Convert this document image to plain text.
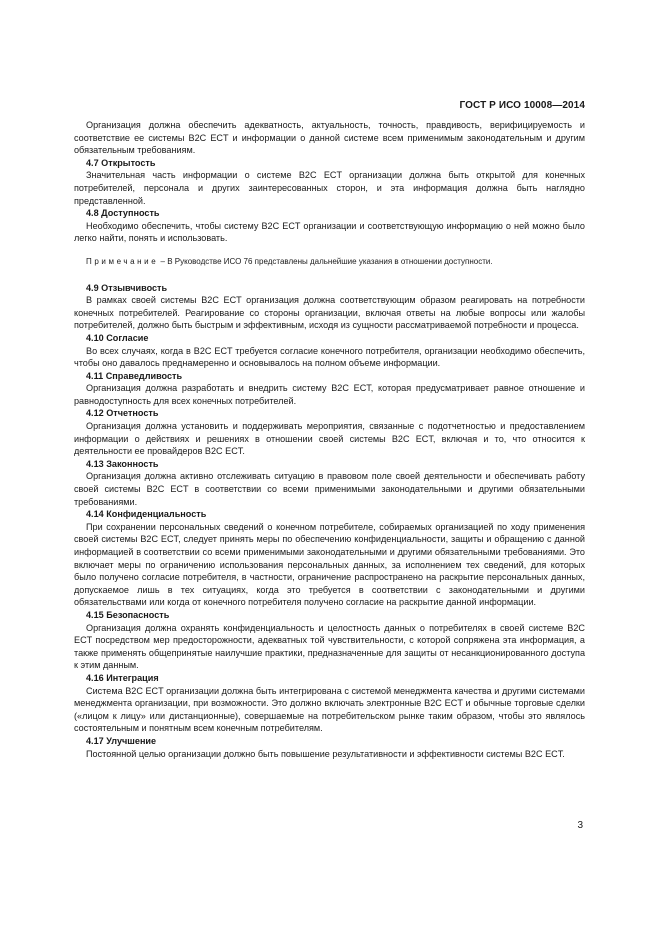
ГОСТ Р ИСО 10008—2014

Организация должна обеспечить адекватность, актуальность, точность, правдивость, верифицируемость и соответствие ее системы B2C ECT и информации о данной системе всем применимым законодательным и другим обязательным требованиям.

4.7 Открытость

Значительная часть информации о системе B2C ECT организации должна быть открытой для конечных потребителей, персонала и других заинтересованных сторон, и эта информация должна быть наглядно представленной.

4.8 Доступность

Необходимо обеспечить, чтобы систему B2C ECT организации и соответствующую информацию о ней можно было легко найти, понять и использовать.

Примечание – В Руководстве ИСО 76 представлены дальнейшие указания в отношении доступности.

4.9 Отзывчивость

В рамках своей системы B2C ECT организация должна соответствующим образом реагировать на потребности конечных потребителей. Реагирование со стороны организации, включая ответы на любые вопросы или жалобы потребителей, должно быть быстрым и эффективным, исходя из сущности рассматриваемой потребности и процесса.

4.10 Согласие

Во всех случаях, когда в B2C ECT требуется согласие конечного потребителя, организации необходимо обеспечить, чтобы оно давалось преднамеренно и основывалось на полном объеме информации.

4.11 Справедливость

Организация должна разработать и внедрить систему B2C ECT, которая предусматривает равное отношение и равнодоступность для всех конечных потребителей.

4.12 Отчетность

Организация должна установить и поддерживать мероприятия, связанные с подотчетностью и предоставлением информации о действиях и решениях в отношении своей системы B2C ECT, включая и то, что относится к деятельности ее провайдеров B2C ECT.

4.13 Законность

Организация должна активно отслеживать ситуацию в правовом поле своей деятельности и обеспечивать работу своей системы B2C ECT в соответствии со всеми применимыми законодательными и другими обязательными требованиями.

4.14 Конфиденциальность

При сохранении персональных сведений о конечном потребителе, собираемых организацией по ходу применения своей системы B2C ECT, следует принять меры по обеспечению конфиденциальности, защиты и обращению с данной информацией в соответствии со всеми применимыми законодательными и другими обязательными требованиями. Это включает меры по ограничению использования персональных данных, за исполнением тех сведений, для которых было получено согласие потребителя, в частности, ограничение распространено на раскрытие персональных данных, допускаемое лишь в тех ситуациях, когда это требуется в соответствии с законодательными и другими обязательствами или когда от конечного потребителя получено согласие на раскрытие данной информации.

4.15 Безопасность

Организация должна охранять конфиденциальность и целостность данных о потребителях в своей системе B2C ECT посредством мер предосторожности, адекватных той чувствительности, с которой сопряжена эта информация, а также применять общепринятые наилучшие практики, предназначенные для защиты от несанкционированного доступа к этим данным.

4.16 Интеграция

Система B2C ECT организации должна быть интегрирована с системой менеджмента качества и другими системами менеджмента организации, при возможности. Это должно включать электронные B2C ECT и обычные торговые сделки («лицом к лицу» или дистанционные), совершаемые на потребительском рынке таким образом, чтобы это являлось состоятельным и понятным всем конечным потребителям.

4.17 Улучшение

Постоянной целью организации должно быть повышение результативности и эффективности системы B2C ECT.

3
